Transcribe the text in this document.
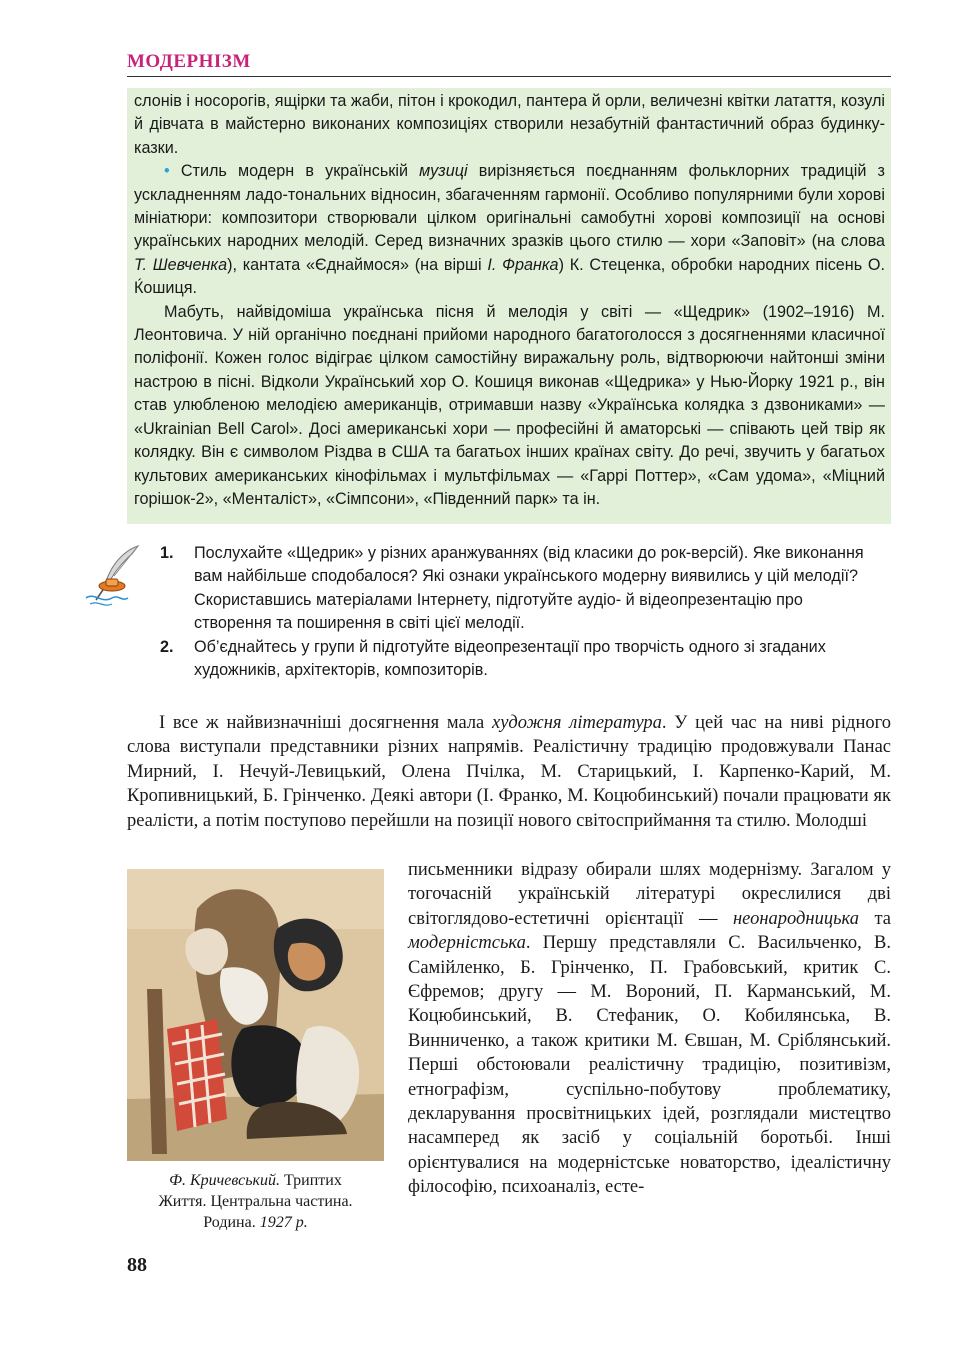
МОДЕРНІЗМ

слонів і носорогів, ящірки та жаби, пітон і крокодил, пантера й орли, величезні квітки латаття, козулі й дівчата в майстерно виконаних композиціях створили незабутній фантастичний образ будинку-казки.

• Стиль модерн в українській музиці вирізняється поєднанням фольклорних традицій з ускладненням ладо-тональних відносин, збагаченням гармонії. Особливо популярними були хорові мініатюри: композитори створювали цілком оригінальні самобутні хорові композиції на основі українських народних мелодій. Серед визначних зразків цього стилю — хори «Заповіт» (на слова Т. Шевченка), кантата «Єднаймося» (на вірші І. Франка) К. Стеценка, обробки народних пісень О. Ќошиця.

Мабуть, найвідоміша українська пісня й мелодія у світі — «Щедрик» (1902–1916) М. Леонтовича. У ній органічно поєднані прийоми народного багатоголосся з досягненнями класичної поліфонії. Кожен голос відіграє цілком самостійну виражальну роль, відтворюючи найтонші зміни настрою в пісні. Відколи Український хор О. Кошиця виконав «Щедрика» у Нью-Йорку 1921 р., він став улюбленою мелодією американців, отримавши назву «Українська колядка з дзвониками» — «Ukrainian Bell Carol». Досі американські хори — професійні й аматорські — співають цей твір як колядку. Він є символом Різдва в США та багатьох інших країнах світу. До речі, звучить у багатьох культових американських кінофільмах і мультфільмах — «Гаррі Поттер», «Сам удома», «Міцний горішок-2», «Менталіст», «Сімпсони», «Південний парк» та ін.

1. Послухайте «Щедрик» у різних аранжуваннях (від класики до рок-версій). Яке виконання вам найбільше сподобалося? Які ознаки українського модерну виявились у цій мелодії? Скориставшись матеріалами Інтернету, підготуйте аудіо- й відеопрезентацію про створення та поширення в світі цієї мелодії.
2. Об’єднайтесь у групи й підготуйте відеопрезентації про творчість одного зі згаданих художників, архітекторів, композиторів.

І все ж найвизначніші досягнення мала художня література. У цей час на ниві рідного слова виступали представники різних напрямів. Реалістичну традицію продовжували Панас Мирний, І. Нечуй-Левицький, Олена Пчілка, М. Старицький, І. Карпенко-Карий, М. Кропивницький, Б. Грінченко. Деякі автори (І. Франко, М. Коцюбинський) почали працювати як реалісти, а потім поступово перейшли на позиції нового світосприймання та стилю. Молодші

Ф. Кричевський. Триптих
Життя. Центральна частина.
Родина. 1927 р.

письменники відразу обирали шлях модернізму. Загалом у тогочасній українській літературі окреслилися дві світоглядово-естетичні орієнтації — неонародницька та модерністська. Першу представляли С. Васильченко, В. Самійленко, Б. Грінченко, П. Грабовський, критик С. Єфремов; другу — М. Вороний, П. Карманський, М. Коцюбинський, В. Стефаник, О. Кобилянська, В. Винниченко, а також критики М. Євшан, М. Сріблянський. Перші обстоювали реалістичну традицію, позитивізм, етнографізм, суспільно-побутову проблематику, декларування просвітницьких ідей, розглядали мистецтво насамперед як засіб у соціальній боротьбі. Інші орієнтувалися на модерністське новаторство, ідеалістичну філософію, психоаналіз, есте-

88
